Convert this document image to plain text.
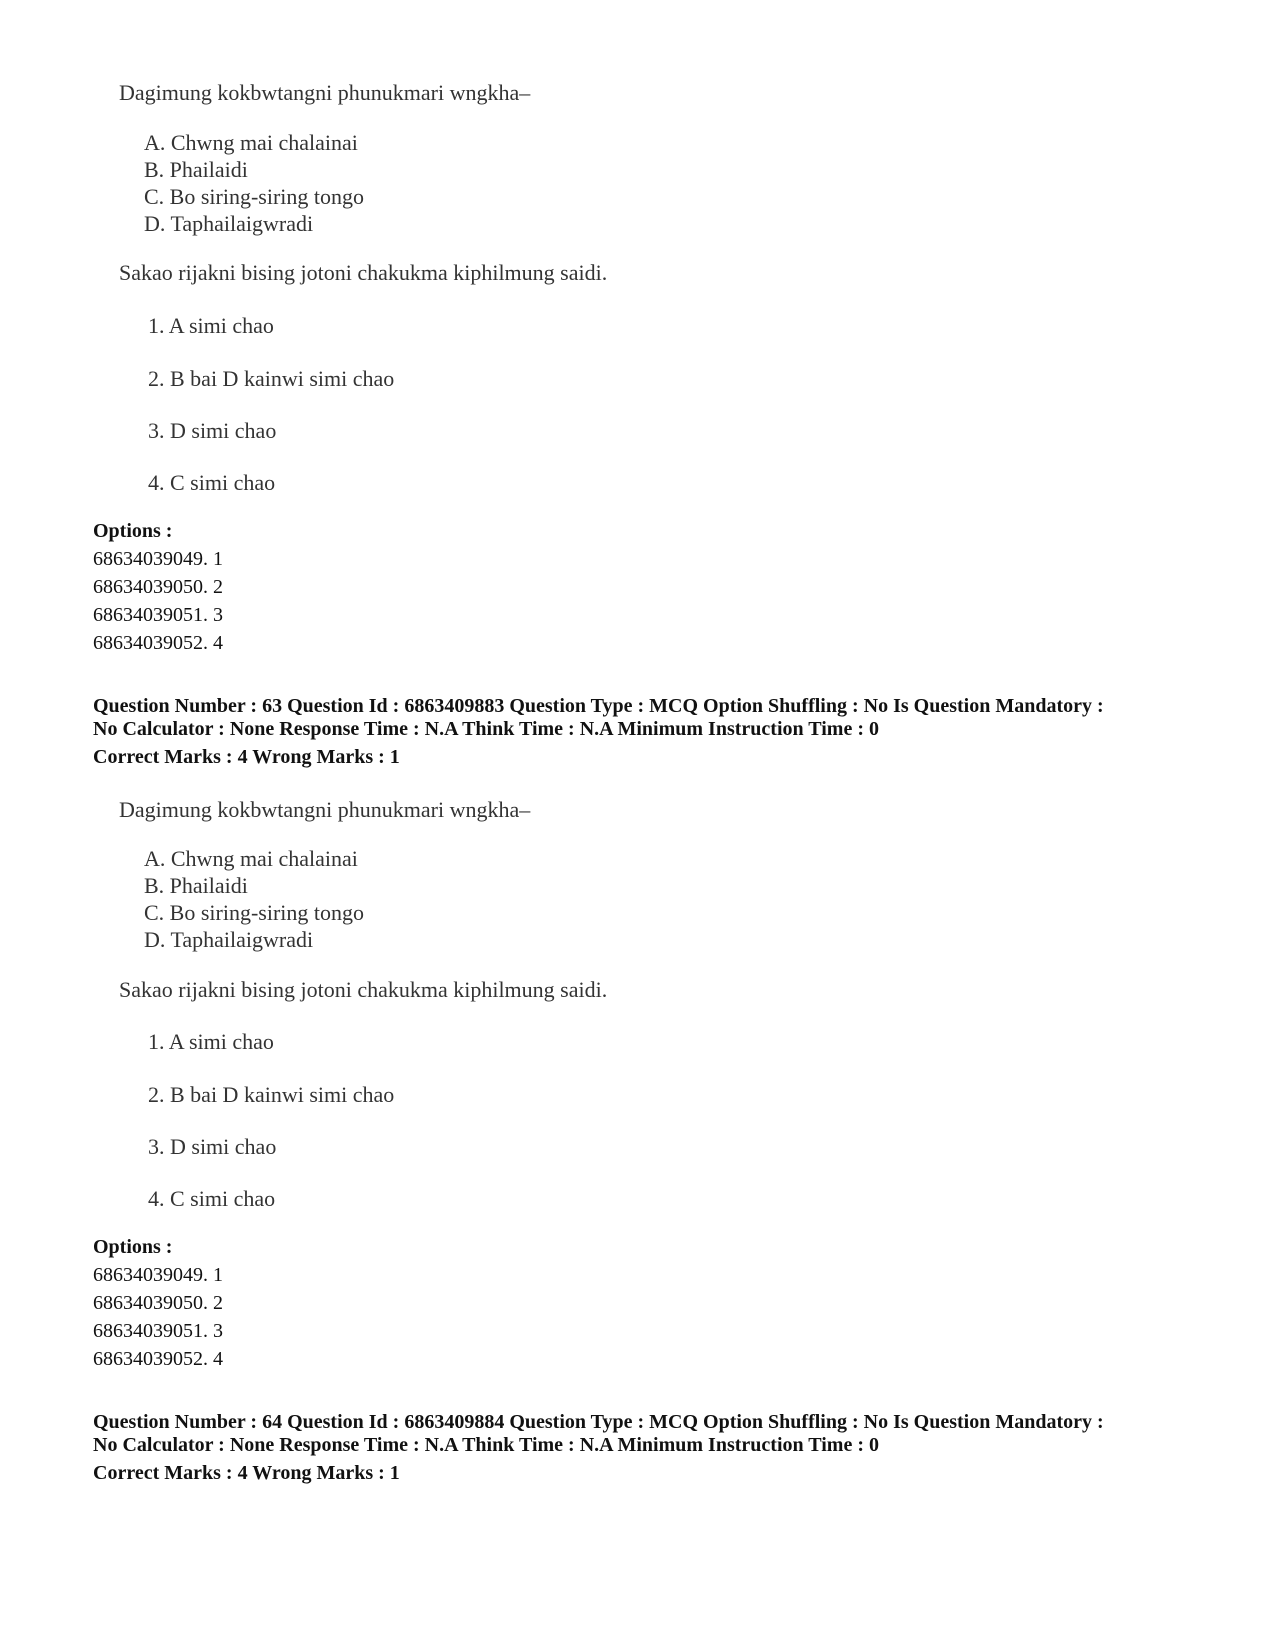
Dagimung kokbwtangni phunukmari wngkha–
A. Chwng mai chalainai
B. Phailaidi
C. Bo siring-siring tongo
D. Taphailaigwradi
Sakao rijakni bising jotoni chakukma kiphilmung saidi.
1. A simi chao
2. B bai D kainwi simi chao
3. D simi chao
4. C simi chao
Options :
68634039049. 1
68634039050. 2
68634039051. 3
68634039052. 4
Question Number : 63 Question Id : 6863409883 Question Type : MCQ Option Shuffling : No Is Question Mandatory :
No Calculator : None Response Time : N.A Think Time : N.A Minimum Instruction Time : 0
Correct Marks : 4 Wrong Marks : 1
Dagimung kokbwtangni phunukmari wngkha–
A. Chwng mai chalainai
B. Phailaidi
C. Bo siring-siring tongo
D. Taphailaigwradi
Sakao rijakni bising jotoni chakukma kiphilmung saidi.
1. A simi chao
2. B bai D kainwi simi chao
3. D simi chao
4. C simi chao
Options :
68634039049. 1
68634039050. 2
68634039051. 3
68634039052. 4
Question Number : 64 Question Id : 6863409884 Question Type : MCQ Option Shuffling : No Is Question Mandatory :
No Calculator : None Response Time : N.A Think Time : N.A Minimum Instruction Time : 0
Correct Marks : 4 Wrong Marks : 1
